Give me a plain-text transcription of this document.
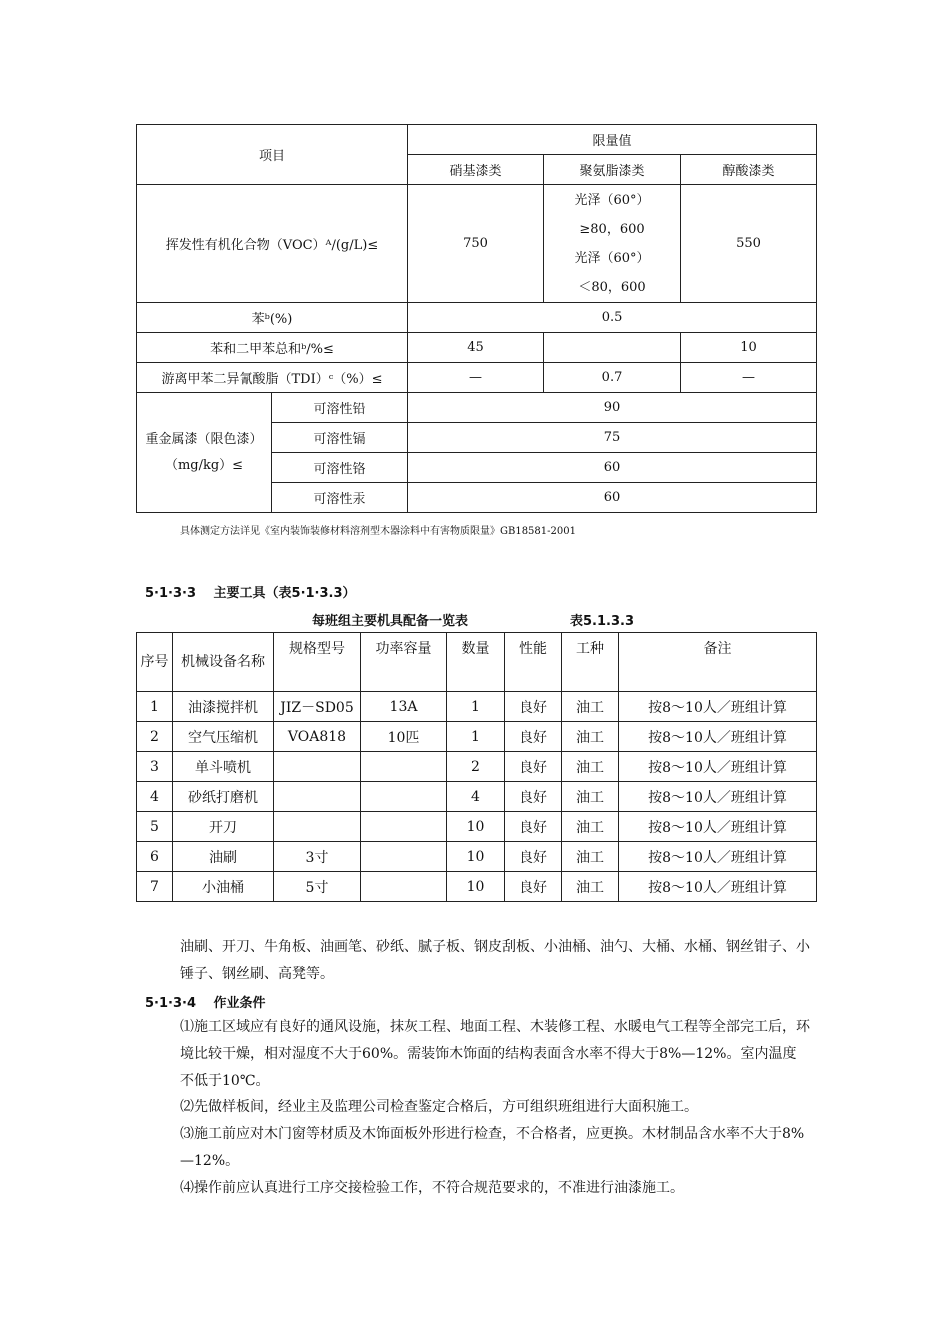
项目		限量值		
		硝基漆类	聚氨脂漆类	醇酸漆类
挥发性有机化合物（VOC）ᴬ/(g/L)≤		750	光泽（60°）
≥80，600
光泽（60°）
＜80，600	550
苯ᵇ(%)		0.5		
苯和二甲苯总和ᵇ/%≤		45		10
游离甲苯二异氰酸脂（TDI）ᶜ（%）≤		—	0.7	—
重金属漆（限色漆）（mg/kg）≤	可溶性铅	90		
	可溶性镉	75		
	可溶性铬	60		
	可溶性汞	60		
具体测定方法详见《室内装饰装修材料溶剂型木器涂料中有害物质限量》GB18581-2001
5·1·3·3　 主要工具（表5·1·3.3）
每班组主要机具配备一览表	表5.1.3.3
序号	机械设备名称	规格型号	功率容量	数量	性能	工种	备注
1	油漆搅拌机	JIZ－SD05	13A	1	良好	油工	按8～10人／班组计算
2	空气压缩机	VOA818	10匹	1	良好	油工	按8～10人／班组计算
3	单斗喷机			2	良好	油工	按8～10人／班组计算
4	砂纸打磨机			4	良好	油工	按8～10人／班组计算
5	开刀			10	良好	油工	按8～10人／班组计算
6	油刷	3寸		10	良好	油工	按8～10人／班组计算
7	小油桶	5寸		10	良好	油工	按8～10人／班组计算
油刷、开刀、牛角板、油画笔、砂纸、腻子板、钢皮刮板、小油桶、油勺、大桶、水桶、钢丝钳子、小锤子、钢丝刷、高凳等。
5·1·3·4　 作业条件
⑴施工区域应有良好的通风设施，抹灰工程、地面工程、木装修工程、水暖电气工程等全部完工后，环境比较干燥，相对湿度不大于60%。需装饰木饰面的结构表面含水率不得大于8%—12%。室内温度不低于10℃。
⑵先做样板间，经业主及监理公司检查鉴定合格后，方可组织班组进行大面积施工。
⑶施工前应对木门窗等材质及木饰面板外形进行检查，不合格者，应更换。木材制品含水率不大于8%—12%。
⑷操作前应认真进行工序交接检验工作，不符合规范要求的，不准进行油漆施工。
